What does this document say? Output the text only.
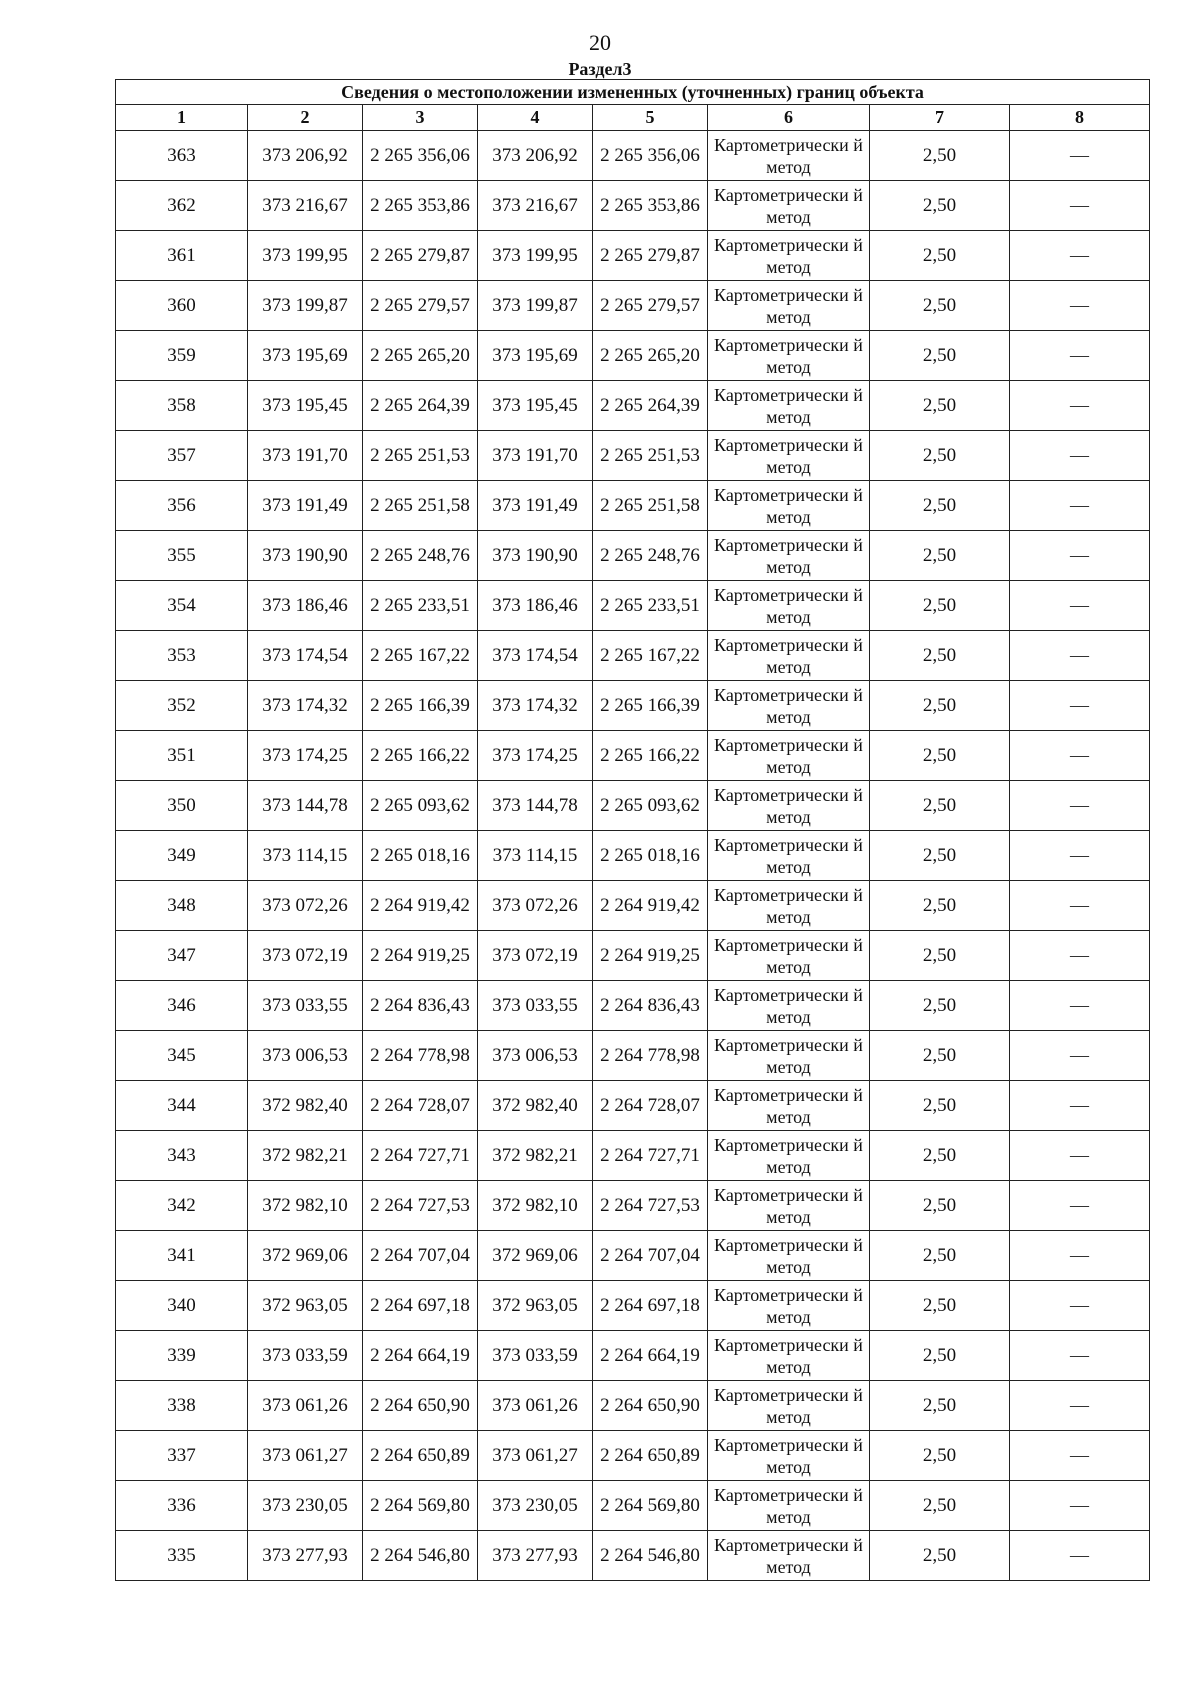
20
Раздел3
Сведения о местоположении измененных (уточненных) границ объекта							
1	2	3	4	5	6	7	8
363	373 206,92	2 265 356,06	373 206,92	2 265 356,06	Картометрически й метод	2,50	—
362	373 216,67	2 265 353,86	373 216,67	2 265 353,86	Картометрически й метод	2,50	—
361	373 199,95	2 265 279,87	373 199,95	2 265 279,87	Картометрически й метод	2,50	—
360	373 199,87	2 265 279,57	373 199,87	2 265 279,57	Картометрически й метод	2,50	—
359	373 195,69	2 265 265,20	373 195,69	2 265 265,20	Картометрически й метод	2,50	—
358	373 195,45	2 265 264,39	373 195,45	2 265 264,39	Картометрически й метод	2,50	—
357	373 191,70	2 265 251,53	373 191,70	2 265 251,53	Картометрически й метод	2,50	—
356	373 191,49	2 265 251,58	373 191,49	2 265 251,58	Картометрически й метод	2,50	—
355	373 190,90	2 265 248,76	373 190,90	2 265 248,76	Картометрически й метод	2,50	—
354	373 186,46	2 265 233,51	373 186,46	2 265 233,51	Картометрически й метод	2,50	—
353	373 174,54	2 265 167,22	373 174,54	2 265 167,22	Картометрически й метод	2,50	—
352	373 174,32	2 265 166,39	373 174,32	2 265 166,39	Картометрически й метод	2,50	—
351	373 174,25	2 265 166,22	373 174,25	2 265 166,22	Картометрически й метод	2,50	—
350	373 144,78	2 265 093,62	373 144,78	2 265 093,62	Картометрически й метод	2,50	—
349	373 114,15	2 265 018,16	373 114,15	2 265 018,16	Картометрически й метод	2,50	—
348	373 072,26	2 264 919,42	373 072,26	2 264 919,42	Картометрически й метод	2,50	—
347	373 072,19	2 264 919,25	373 072,19	2 264 919,25	Картометрически й метод	2,50	—
346	373 033,55	2 264 836,43	373 033,55	2 264 836,43	Картометрически й метод	2,50	—
345	373 006,53	2 264 778,98	373 006,53	2 264 778,98	Картометрически й метод	2,50	—
344	372 982,40	2 264 728,07	372 982,40	2 264 728,07	Картометрически й метод	2,50	—
343	372 982,21	2 264 727,71	372 982,21	2 264 727,71	Картометрически й метод	2,50	—
342	372 982,10	2 264 727,53	372 982,10	2 264 727,53	Картометрически й метод	2,50	—
341	372 969,06	2 264 707,04	372 969,06	2 264 707,04	Картометрически й метод	2,50	—
340	372 963,05	2 264 697,18	372 963,05	2 264 697,18	Картометрически й метод	2,50	—
339	373 033,59	2 264 664,19	373 033,59	2 264 664,19	Картометрически й метод	2,50	—
338	373 061,26	2 264 650,90	373 061,26	2 264 650,90	Картометрически й метод	2,50	—
337	373 061,27	2 264 650,89	373 061,27	2 264 650,89	Картометрически й метод	2,50	—
336	373 230,05	2 264 569,80	373 230,05	2 264 569,80	Картометрически й метод	2,50	—
335	373 277,93	2 264 546,80	373 277,93	2 264 546,80	Картометрически й метод	2,50	—
